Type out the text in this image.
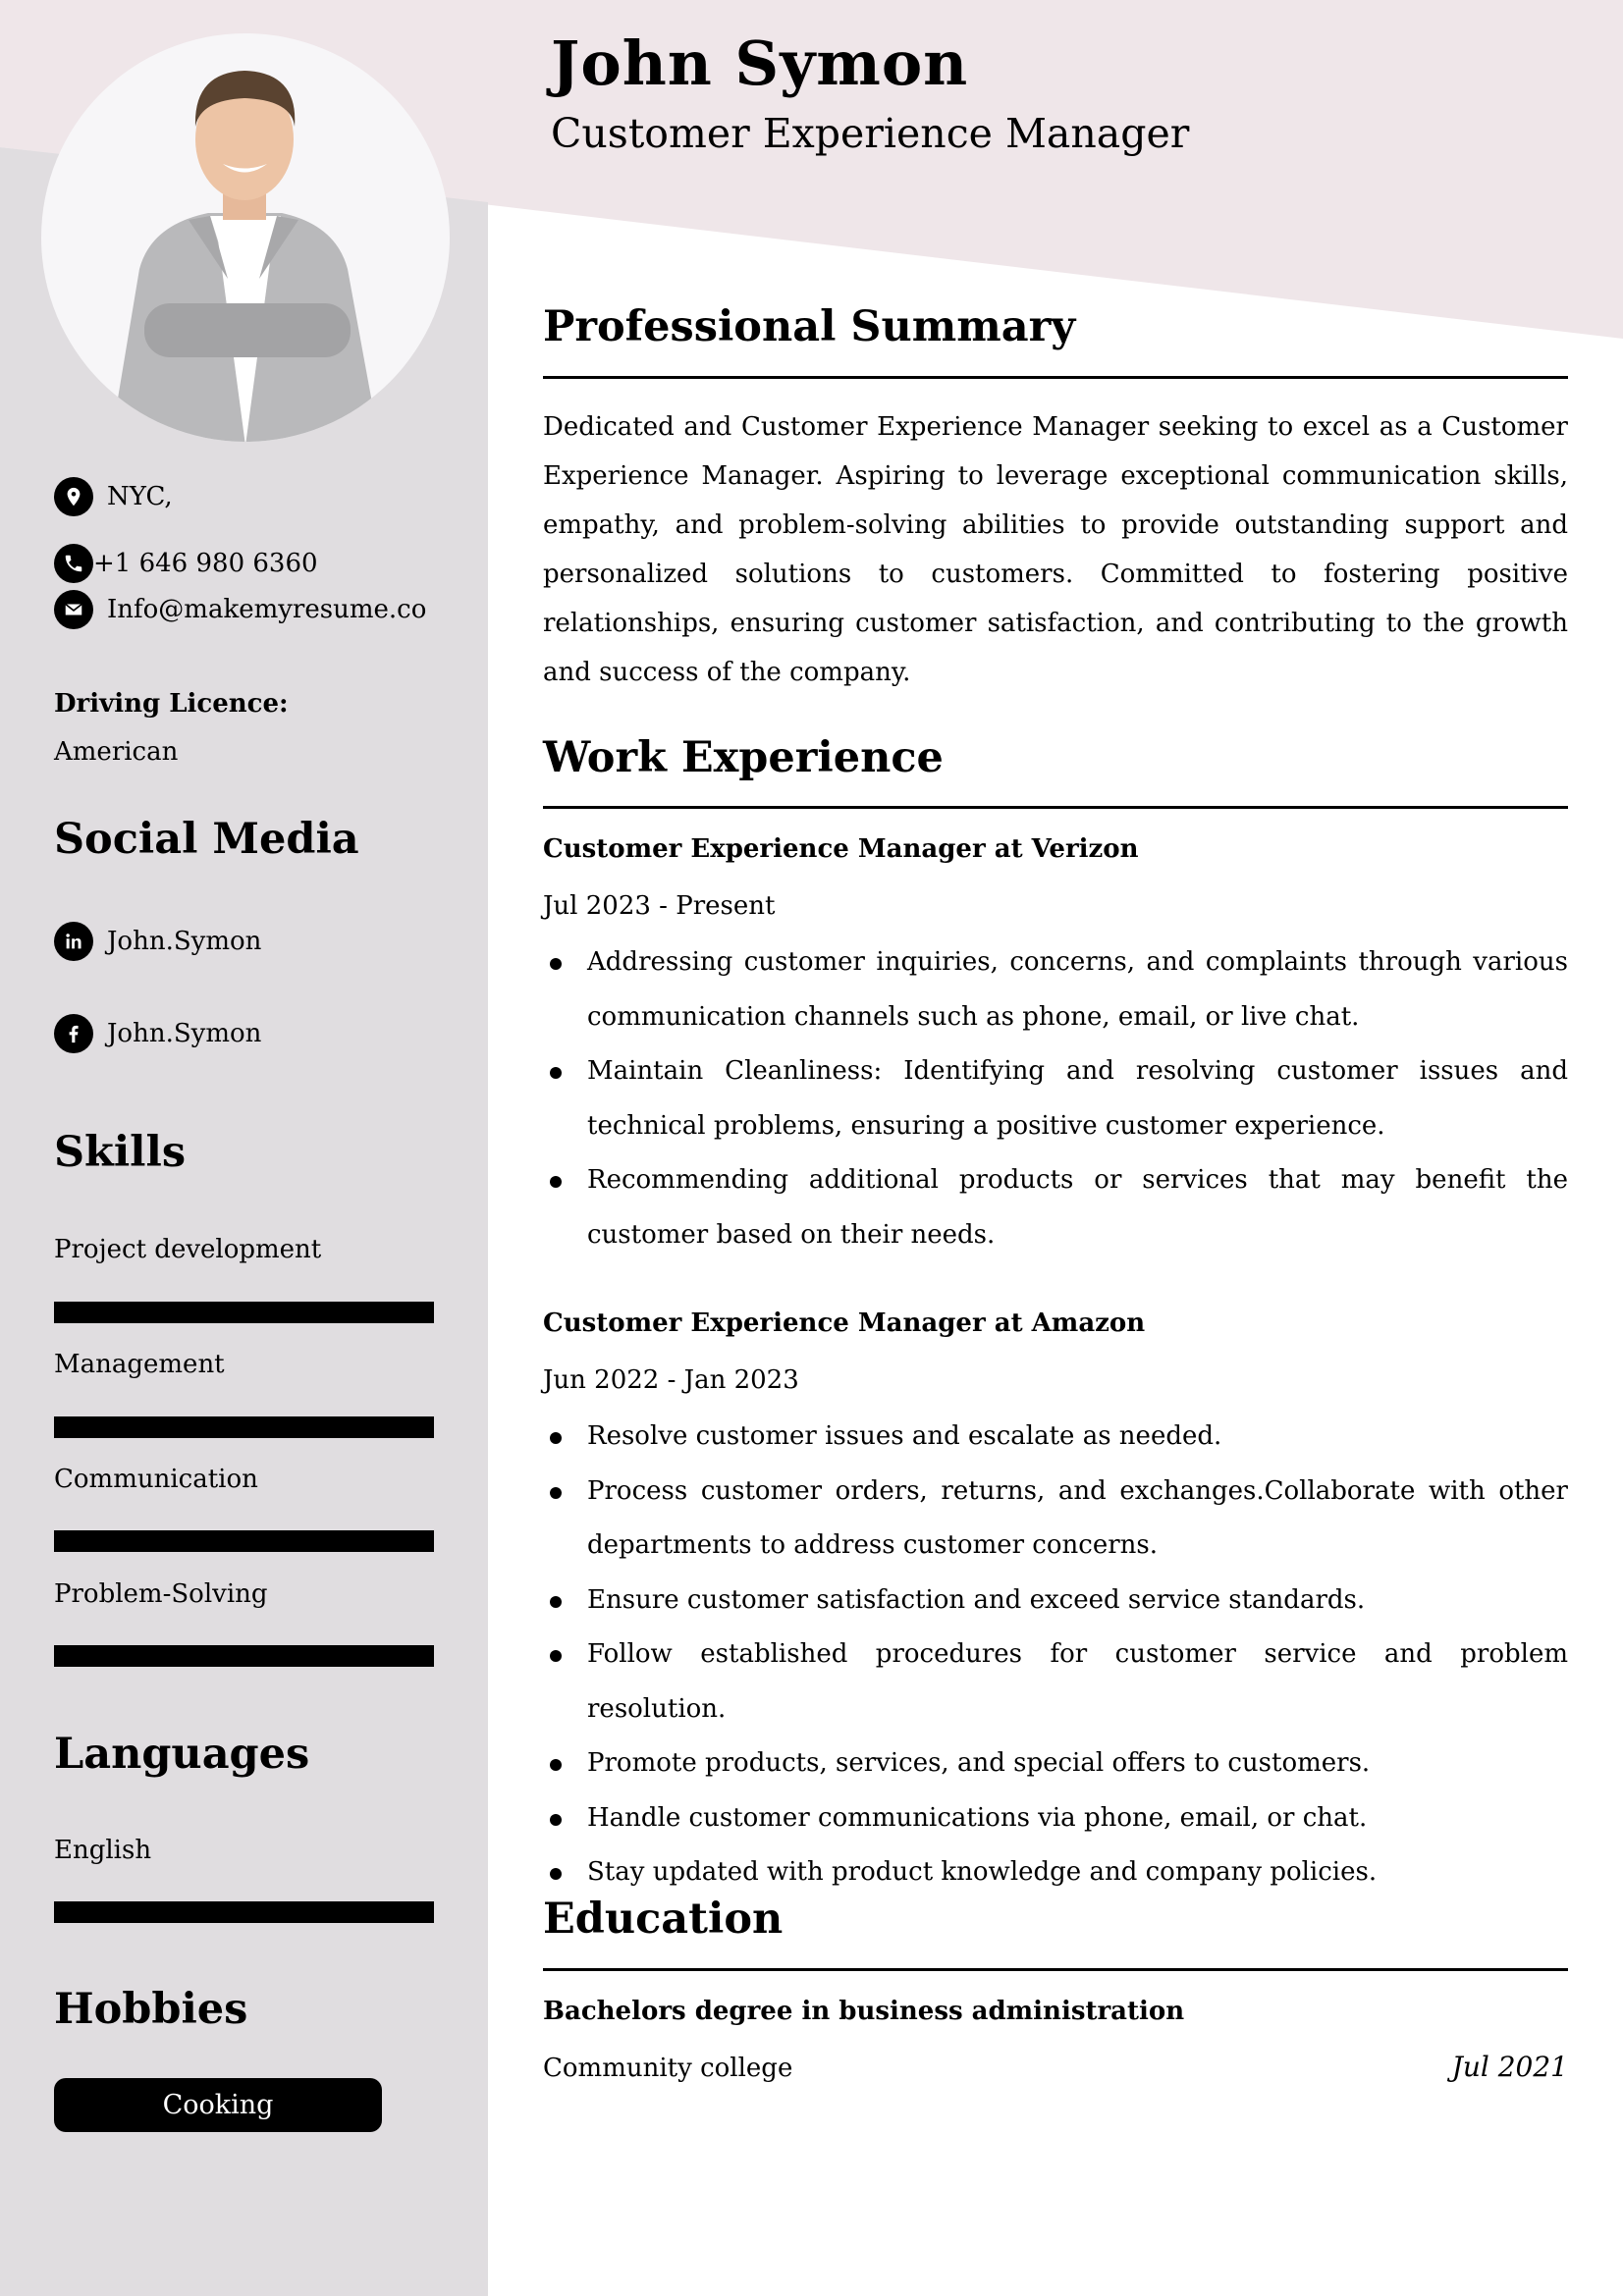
NYC,
+1 646 980 6360
Info@makemyresume.co
Driving Licence:
American
Social Media
John.Symon
John.Symon
Skills
Project development
Management
Communication
Problem-Solving
Languages
English
Hobbies
Cooking
John Symon
Customer Experience Manager
Professional Summary

Dedicated and Customer Experience Manager seeking to excel as a Customer Experience Manager. Aspiring to leverage exceptional communication skills, empathy, and problem-solving abilities to provide outstanding support and personalized solutions to customers. Committed to fostering positive relationships, ensuring customer satisfaction, and contributing to the growth and success of the company.

Work Experience
Customer Experience Manager at Verizon
Jul 2023 - Present
Addressing customer inquiries, concerns, and complaints through various communication channels such as phone, email, or live chat.
Maintain Cleanliness: Identifying and resolving customer issues and technical problems, ensuring a positive customer experience.
Recommending additional products or services that may benefit the customer based on their needs.
Customer Experience Manager at Amazon
Jun 2022 - Jan 2023
Resolve customer issues and escalate as needed.
Process customer orders, returns, and exchanges.Collaborate with other departments to address customer concerns.
Ensure customer satisfaction and exceed service standards.
Follow established procedures for customer service and problem resolution.
Promote products, services, and special offers to customers.
Handle customer communications via phone, email, or chat.
Stay updated with product knowledge and company policies.
Education
Bachelors degree in business administration
Community college	Jul 2021
